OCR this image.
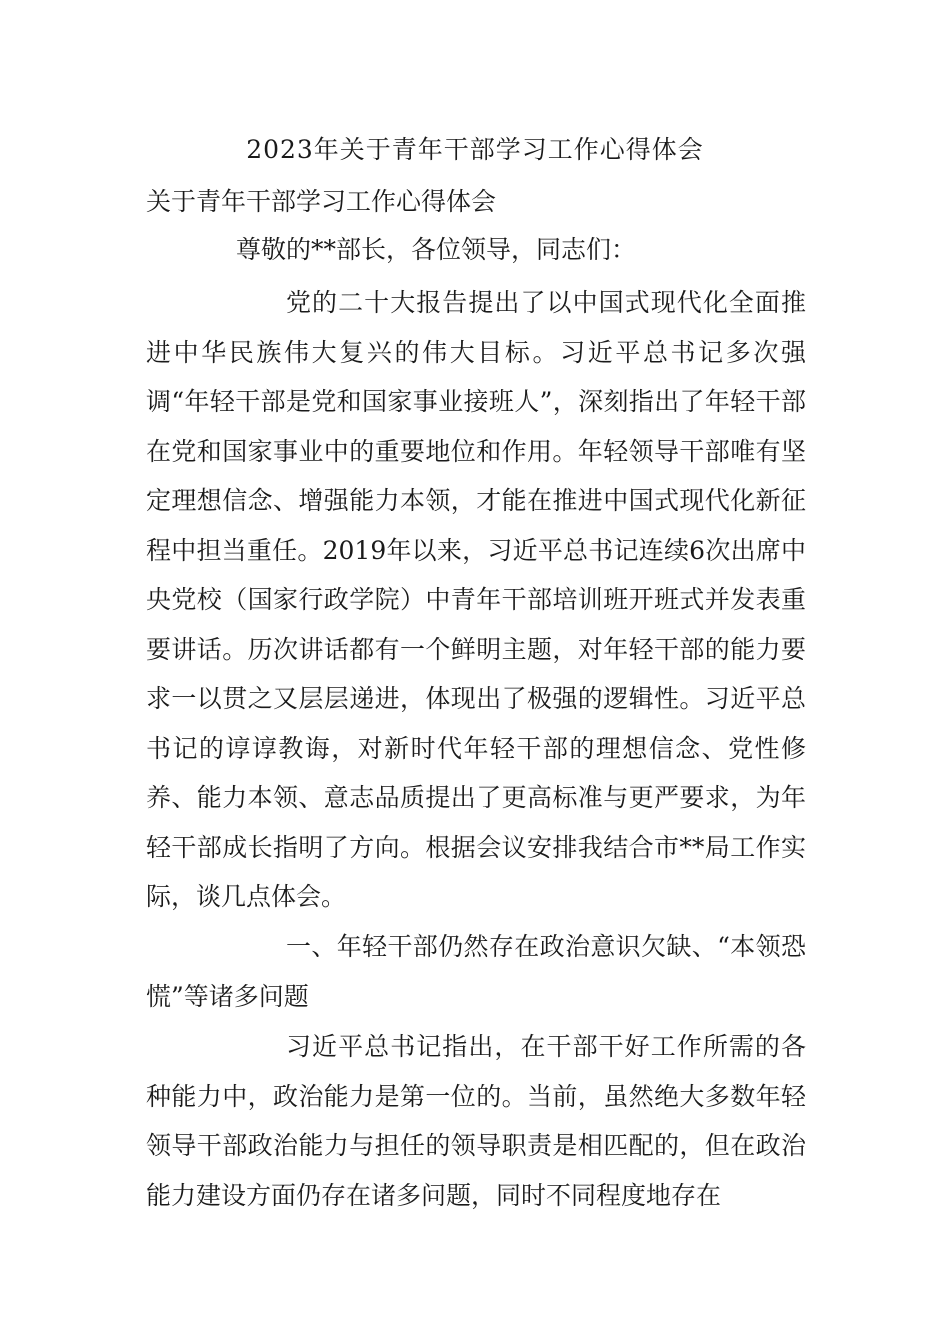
2023年关于青年干部学习工作心得体会
关于青年干部学习工作心得体会

尊敬的**部长，各位领导，同志们：

党的二十大报告提出了以中国式现代化全面推进中华民族伟大复兴的伟大目标。习近平总书记多次强调“年轻干部是党和国家事业接班人”，深刻指出了年轻干部在党和国家事业中的重要地位和作用。年轻领导干部唯有坚定理想信念、增强能力本领，才能在推进中国式现代化新征程中担当重任。2019年以来，习近平总书记连续6次出席中央党校（国家行政学院）中青年干部培训班开班式并发表重要讲话。历次讲话都有一个鲜明主题，对年轻干部的能力要求一以贯之又层层递进，体现出了极强的逻辑性。习近平总书记的谆谆教诲，对新时代年轻干部的理想信念、党性修养、能力本领、意志品质提出了更高标准与更严要求，为年轻干部成长指明了方向。根据会议安排我结合市**局工作实际，谈几点体会。

一、年轻干部仍然存在政治意识欠缺、“本领恐慌”等诸多问题

习近平总书记指出，在干部干好工作所需的各种能力中，政治能力是第一位的。当前，虽然绝大多数年轻领导干部政治能力与担任的领导职责是相匹配的，但在政治能力建设方面仍存在诸多问题，同时不同程度地存在
